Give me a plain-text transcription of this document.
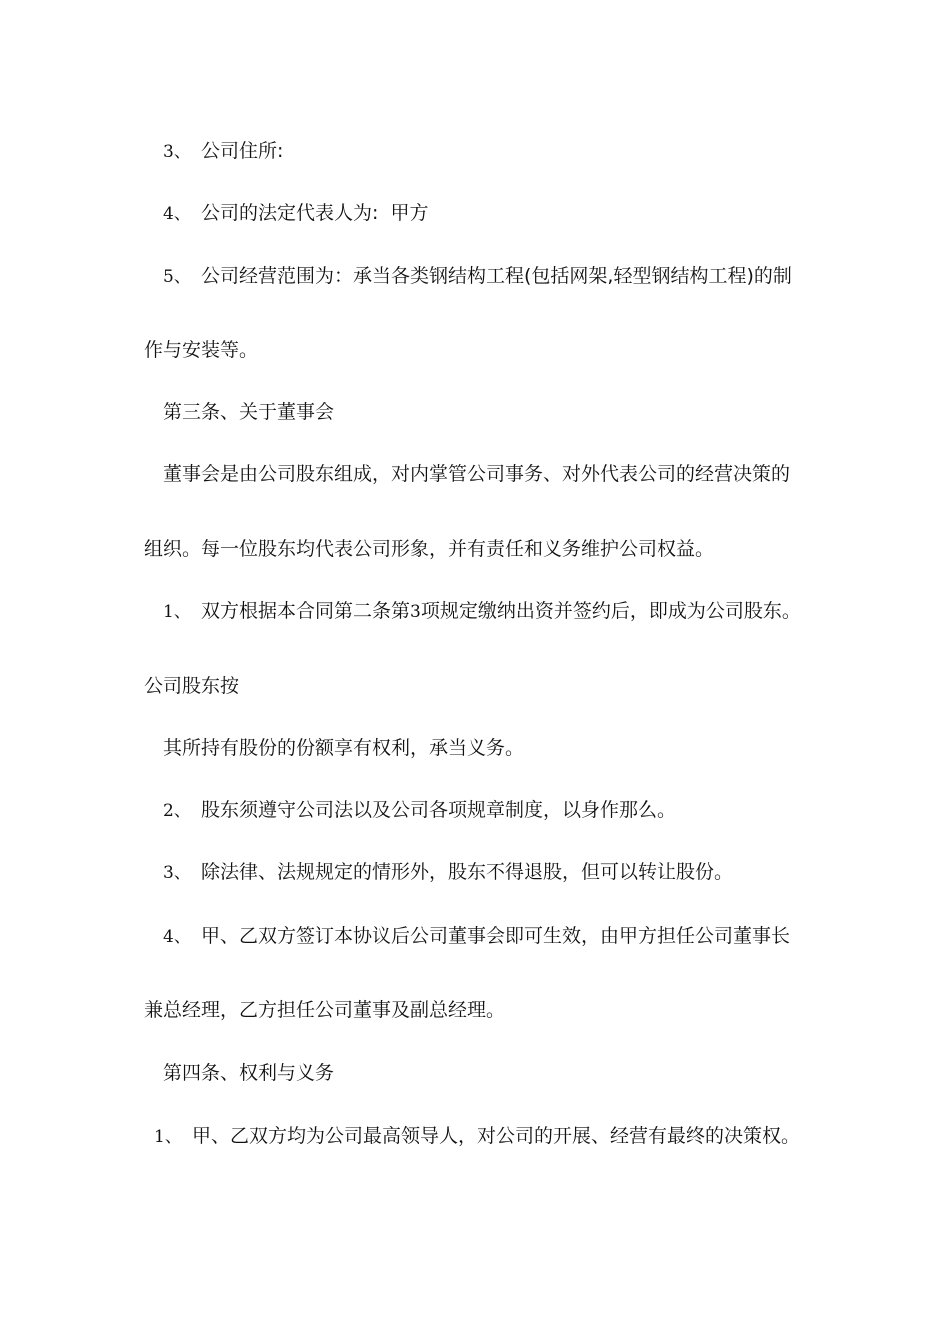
3、 公司住所:
4、 公司的法定代表人为:  甲方
5、 公司经营范围为：承当各类钢结构工程(包括网架,轻型钢结构工程)的制
作与安装等。
第三条、关于董事会
董事会是由公司股东组成，对内掌管公司事务、对外代表公司的经营决策的
组织。每一位股东均代表公司形象，并有责任和义务维护公司权益。
1、 双方根据本合同第二条第3项规定缴纳出资并签约后，即成为公司股东。
公司股东按
其所持有股份的份额享有权利，承当义务。
2、 股东须遵守公司法以及公司各项规章制度，以身作那么。
3、 除法律、法规规定的情形外，股东不得退股，但可以转让股份。
4、 甲、乙双方签订本协议后公司董事会即可生效，由甲方担任公司董事长
兼总经理，乙方担任公司董事及副总经理。
第四条、权利与义务
1、 甲、乙双方均为公司最高领导人，对公司的开展、经营有最终的决策权。
